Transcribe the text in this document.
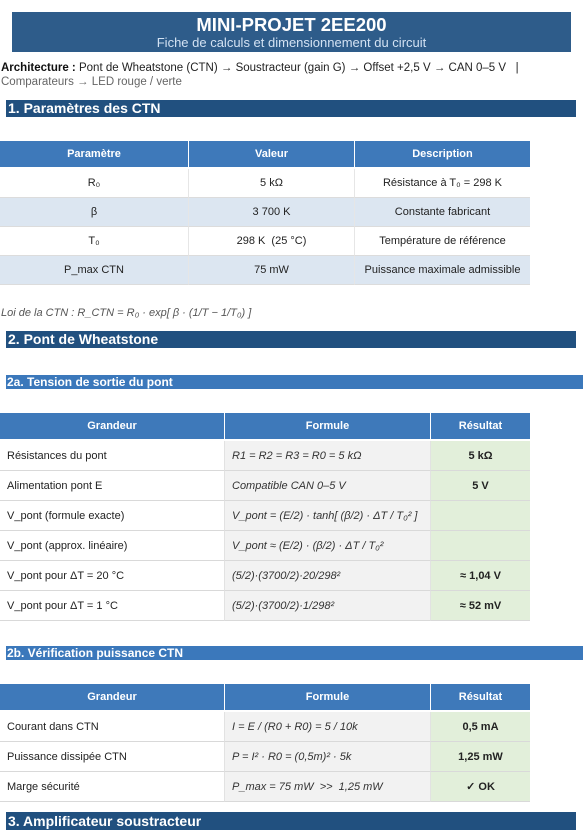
MINI-PROJET 2EE200
Fiche de calculs et dimensionnement du circuit
Architecture : Pont de Wheatstone (CTN) → Soustracteur (gain G) → Offset +2,5 V → CAN 0–5 V   |
Comparateurs → LED rouge / verte
1. Paramètres des CTN
Paramètre	Valeur	Description
R₀	5 kΩ	Résistance à T₀ = 298 K
β	3 700 K	Constante fabricant
T₀	298 K  (25 °C)	Température de référence
P_max CTN	75 mW	Puissance maximale admissible
Loi de la CTN : R_CTN = R₀ · exp[ β · (1/T − 1/T₀) ]
2. Pont de Wheatstone
2a. Tension de sortie du pont
Grandeur	Formule	Résultat
Résistances du pont	R1 = R2 = R3 = R0 = 5 kΩ	5 kΩ
Alimentation pont E	Compatible CAN 0–5 V	5 V
V_pont (formule exacte)	V_pont = (E/2) · tanh[ (β/2) · ΔT / T₀² ]
V_pont (approx. linéaire)	V_pont ≈ (E/2) · (β/2) · ΔT / T₀²
V_pont pour ΔT = 20 °C	(5/2)·(3700/2)·20/298²	≈ 1,04 V
V_pont pour ΔT = 1 °C	(5/2)·(3700/2)·1/298²	≈ 52 mV
2b. Vérification puissance CTN
Grandeur	Formule	Résultat
Courant dans CTN	I = E / (R0 + R0) = 5 / 10k	0,5 mA
Puissance dissipée CTN	P = I² · R0 = (0,5m)² · 5k	1,25 mW
Marge sécurité	P_max = 75 mW  >>  1,25 mW	✓ OK
3. Amplificateur soustracteur
